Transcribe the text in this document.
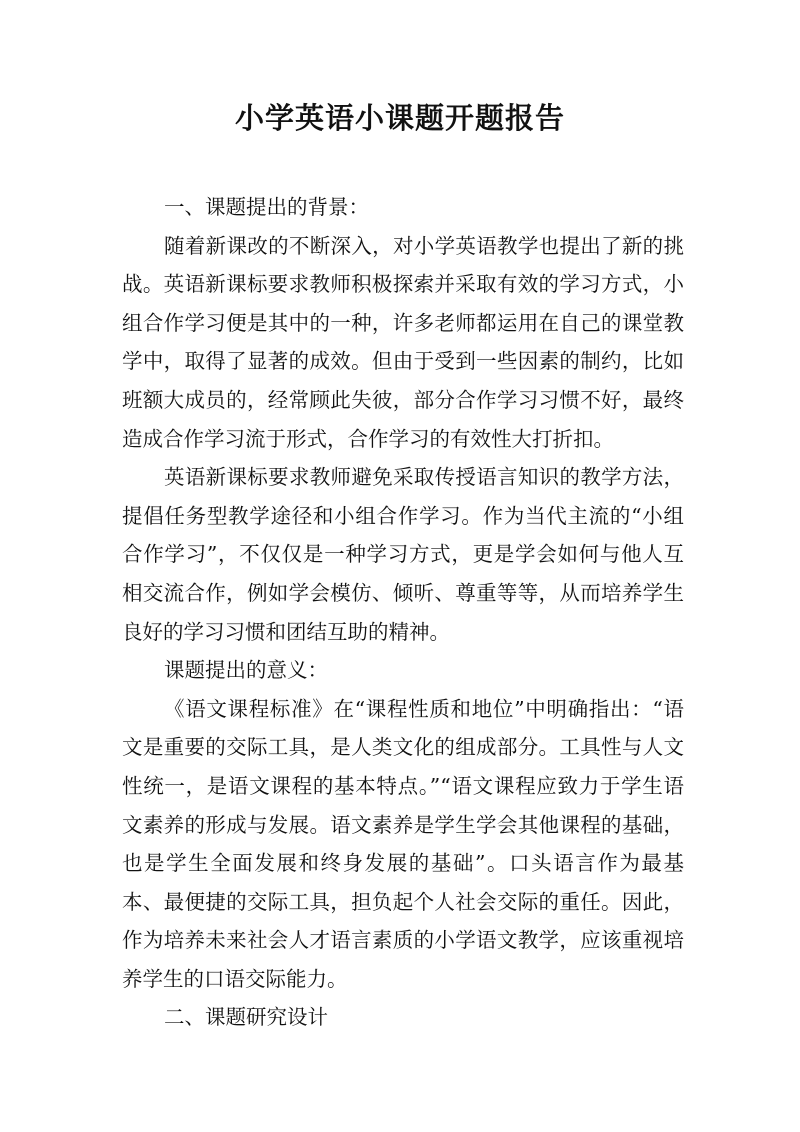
小学英语小课题开题报告

一、课题提出的背景：

随着新课改的不断深入，对小学英语教学也提出了新的挑战。英语新课标要求教师积极探索并采取有效的学习方式，小组合作学习便是其中的一种，许多老师都运用在自己的课堂教学中，取得了显著的成效。但由于受到一些因素的制约，比如班额大成员的，经常顾此失彼，部分合作学习习惯不好，最终造成合作学习流于形式，合作学习的有效性大打折扣。

英语新课标要求教师避免采取传授语言知识的教学方法，提倡任务型教学途径和小组合作学习。作为当代主流的“小组合作学习”，不仅仅是一种学习方式，更是学会如何与他人互相交流合作，例如学会模仿、倾听、尊重等等，从而培养学生良好的学习习惯和团结互助的精神。

课题提出的意义：

《语文课程标准》在“课程性质和地位”中明确指出：“语文是重要的交际工具，是人类文化的组成部分。工具性与人文性统一，是语文课程的基本特点。”“语文课程应致力于学生语文素养的形成与发展。语文素养是学生学会其他课程的基础，也是学生全面发展和终身发展的基础”。口头语言作为最基本、最便捷的交际工具，担负起个人社会交际的重任。因此，作为培养未来社会人才语言素质的小学语文教学，应该重视培养学生的口语交际能力。

二、课题研究设计
